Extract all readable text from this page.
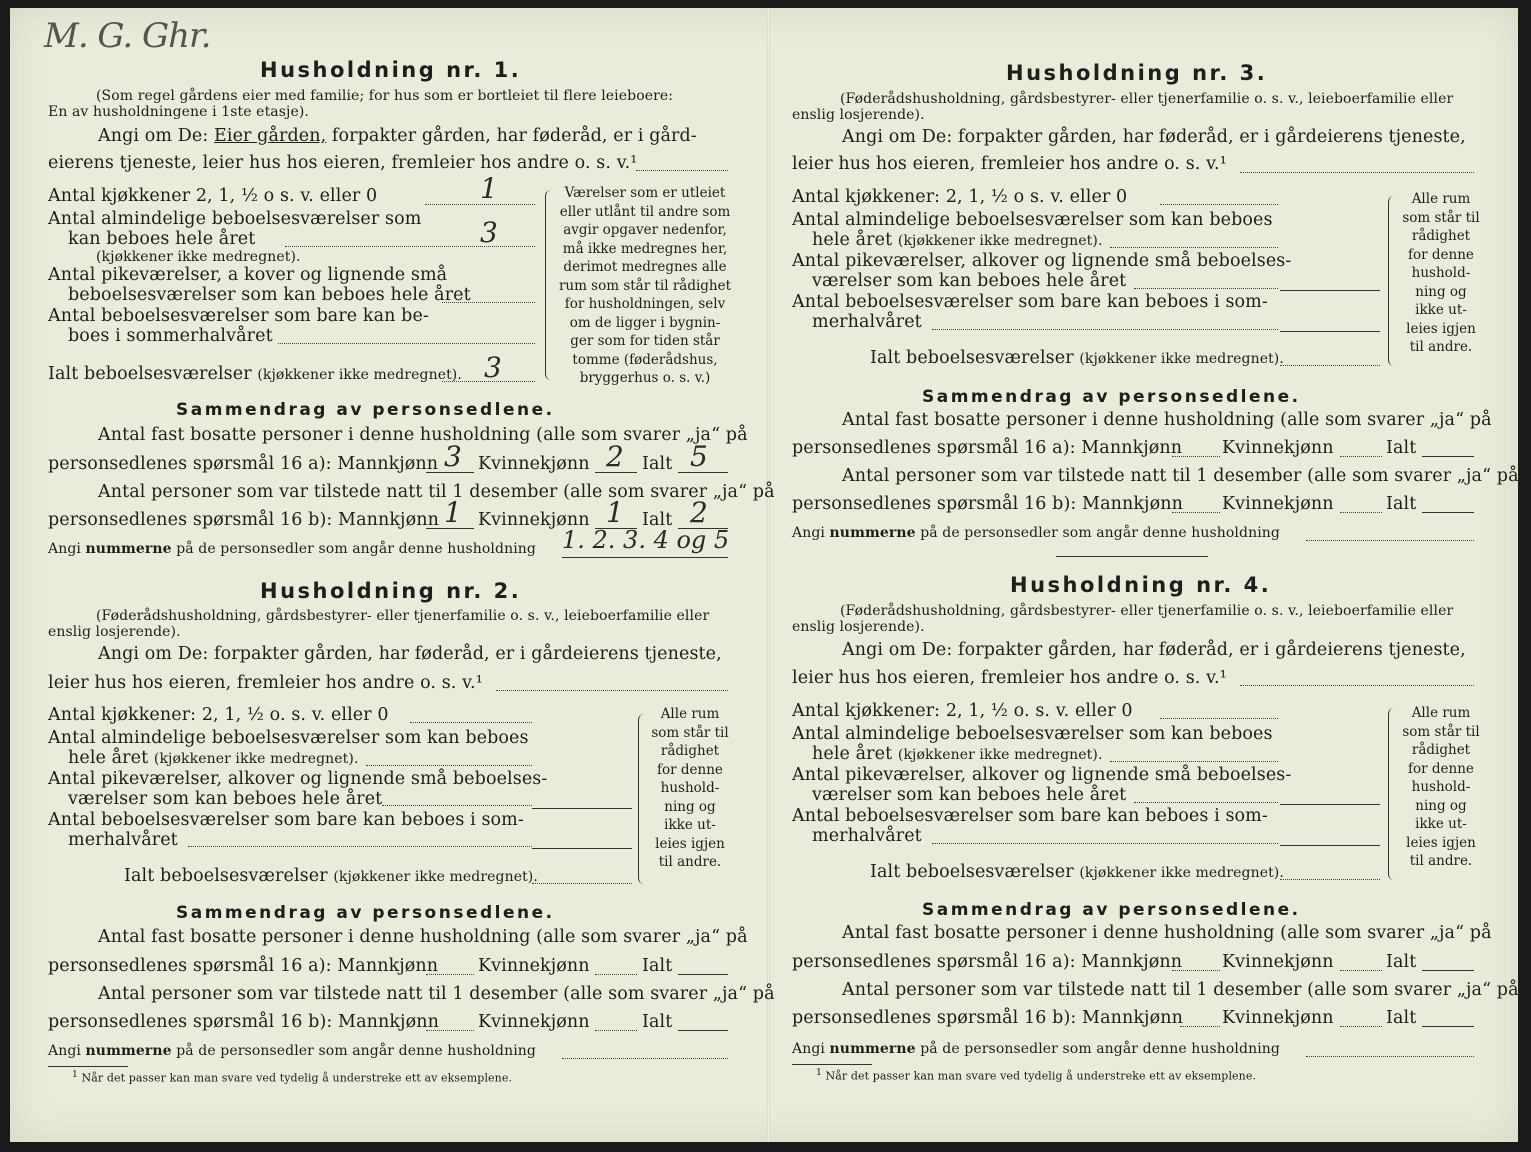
M. G. Ghr.
Husholdning nr. 1.
(Som regel gårdens eier med familie; for hus som er bortleiet til flere leieboere:
En av husholdningene i 1ste etasje).
Angi om De: Eier gården, forpakter gården, har føderåd, er i gård-
eierens tjeneste, leier hus hos eieren, fremleier hos andre o. s. v.¹
Antal kjøkkener 2, 1, ½ o s. v. eller 0	1
Antal almindelige beboelsesværelser som
kan beboes hele året	3
(kjøkkener ikke medregnet).
Antal pikeværelser, a kover og lignende små
beboelsesværelser som kan beboes hele året
Antal beboelsesværelser som bare kan be-
boes i sommerhalvåret
Ialt beboelsesværelser (kjøkkener ikke medregnet). 3
Værelser som er utleiet
eller utlånt til andre som
avgir opgaver nedenfor,
må ikke medregnes her,
derimot medregnes alle
rum som står til rådighet
for husholdningen, selv
om de ligger i bygnin-
ger som for tiden står
tomme (føderådshus,
bryggerhus o. s. v.)
Sammendrag av personsedlene.
Antal fast bosatte personer i denne husholdning (alle som svarer „ja“ på
personsedlenes spørsmål 16 a): Mannkjønn 3 Kvinnekjønn 2 Ialt 5
Antal personer som var tilstede natt til 1 desember (alle som svarer „ja“ på
personsedlenes spørsmål 16 b): Mannkjønn 1 Kvinnekjønn 1 Ialt 2
Angi nummerne på de personsedler som angår denne husholdning 1. 2. 3. 4 og 5
Husholdning nr. 2.
(Føderådshusholdning, gårdsbestyrer- eller tjenerfamilie o. s. v., leieboerfamilie eller
enslig losjerende).
Angi om De: forpakter gården, har føderåd, er i gårdeierens tjeneste,
leier hus hos eieren, fremleier hos andre o. s. v.¹
Antal kjøkkener: 2, 1, ½ o. s. v. eller 0
Antal almindelige beboelsesværelser som kan beboes
hele året (kjøkkener ikke medregnet).
Antal pikeværelser, alkover og lignende små beboelses-
værelser som kan beboes hele året
Antal beboelsesværelser som bare kan beboes i som-
merhalvåret
Ialt beboelsesværelser (kjøkkener ikke medregnet).
Alle rum
som står til
rådighet
for denne
hushold-
ning og
ikke ut-
leies igjen
til andre.
Sammendrag av personsedlene.
Antal fast bosatte personer i denne husholdning (alle som svarer „ja“ på
personsedlenes spørsmål 16 a): Mannkjønn Kvinnekjønn	Ialt
Antal personer som var tilstede natt til 1 desember (alle som svarer „ja“ på
personsedlenes spørsmål 16 b): Mannkjønn Kvinnekjønn	Ialt
Angi nummerne på de personsedler som angår denne husholdning
$^1$ Når det passer kan man svare ved tydelig å understreke ett av eksemplene.
Husholdning nr. 3.
(Føderådshusholdning, gårdsbestyrer- eller tjenerfamilie o. s. v., leieboerfamilie eller
enslig losjerende).
Angi om De: forpakter gården, har føderåd, er i gårdeierens tjeneste,
leier hus hos eieren, fremleier hos andre o. s. v.¹
Antal kjøkkener: 2, 1, ½ o s. v. eller 0
Antal almindelige beboelsesværelser som kan beboes
hele året (kjøkkener ikke medregnet).
Antal pikeværelser, alkover og lignende små beboelses-
værelser som kan beboes hele året
Antal beboelsesværelser som bare kan beboes i som-
merhalvåret
Ialt beboelsesværelser (kjøkkener ikke medregnet).
Alle rum
som står til
rådighet
for denne
hushold-
ning og
ikke ut-
leies igjen
til andre.
Sammendrag av personsedlene.
Antal fast bosatte personer i denne husholdning (alle som svarer „ja“ på
personsedlenes spørsmål 16 a): Mannkjønn Kvinnekjønn	Ialt
Antal personer som var tilstede natt til 1 desember (alle som svarer „ja“ på
personsedlenes spørsmål 16 b): Mannkjønn Kvinnekjønn	Ialt
Angi nummerne på de personsedler som angår denne husholdning
Husholdning nr. 4.
(Føderådshusholdning, gårdsbestyrer- eller tjenerfamilie o. s. v., leieboerfamilie eller
enslig losjerende).
Angi om De: forpakter gården, har føderåd, er i gårdeierens tjeneste,
leier hus hos eieren, fremleier hos andre o. s. v.¹
Antal kjøkkener: 2, 1, ½ o. s. v. eller 0
Antal almindelige beboelsesværelser som kan beboes
hele året (kjøkkener ikke medregnet).
Antal pikeværelser, alkover og lignende små beboelses-
værelser som kan beboes hele året
Antal beboelsesværelser som bare kan beboes i som-
merhalvåret
Ialt beboelsesværelser (kjøkkener ikke medregnet).
Alle rum
som står til
rådighet
for denne
hushold-
ning og
ikke ut-
leies igjen
til andre.
Sammendrag av personsedlene.
Antal fast bosatte personer i denne husholdning (alle som svarer „ja“ på
personsedlenes spørsmål 16 a): Mannkjønn Kvinnekjønn	Ialt
Antal personer som var tilstede natt til 1 desember (alle som svarer „ja“ på
personsedlenes spørsmål 16 b): Mannkjønn Kvinnekjønn	Ialt
Angi nummerne på de personsedler som angår denne husholdning
$^1$ Når det passer kan man svare ved tydelig å understreke ett av eksemplene.
